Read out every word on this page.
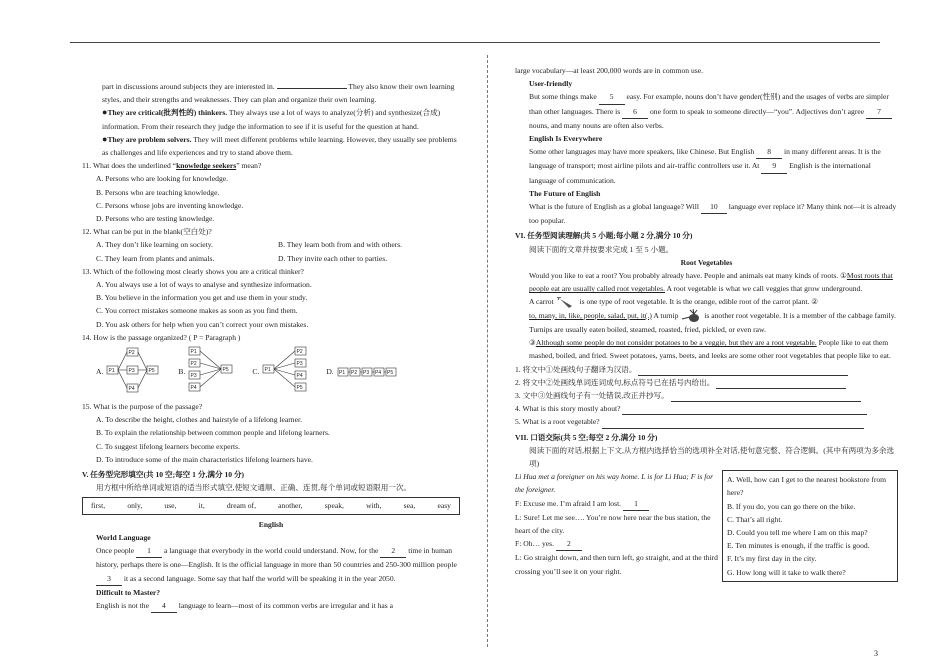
part in discussions around subjects they are interested in.	They also know their own learning styles, and their strengths and weaknesses. They can plan and organize their own learning.

●They are critical(批判性的) thinkers. They always use a lot of ways to analyze(分析) and synthesize(合成) information. From their research they judge the information to see if it is useful for the question at hand.

●They are problem solvers. They will meet different problems while learning. However, they usually see problems as challenges and life experiences and try to stand above them.

11. What does the underlined “knowledge seekers” mean?

A. Persons who are looking for knowledge.

B. Persons who are teaching knowledge.

C. Persons whose jobs are inventing knowledge.

D. Persons who are testing knowledge.

12. What can be put in the blank(空白处)?

A. They don’t like learning on society.	B. They learn both from and with others.

C. They learn from plants and animals.	D. They invite each other to parties.

13. Which of the following most clearly shows you are a critical thinker?

A. You always use a lot of ways to analyse and synthesize information.

B. You believe in the information you get and use them in your study.

C. You correct mistakes someone makes as soon as you find them.

D. You ask others for help when you can’t correct your own mistakes.

14. How is the passage organized? ( P = Paragraph )

A. P1
P2
P3
P4
P5	B.
P1
P2
P3
P4
P5	C. P1
P2
P3
P4
P5
D. P1 P2 P3 P4 P5

15. What is the purpose of the passage?

A. To describe the height, clothes and hairstyle of a lifelong learner.

B. To explain the relationship between common people and lifelong learners.

C. To suggest lifelong learners become experts.

D. To introduce some of the main characteristics lifelong learners have.

V. 任务型完形填空(共 10 空;每空 1 分,满分 10 分)

用方框中所给单词或短语的适当形式填空,使短文通顺、正确、连贯,每个单词或短语限用一次。

first,	only,	use,	it,	dream of,	another,	speak,	with,	sea,	easy

English

World Language

Once people 1 a language that everybody in the world could understand. Now, for the 2 time in human history, perhaps there is one—English. It is the official language in more than 50 countries and 250-300 million people 3 it as a second language. Some say that half the world will be speaking it in the year 2050.

Difficult to Master?

English is not the 4 language to learn—most of its common verbs are irregular and it has a

large vocabulary—at least 200,000 words are in common use.

User-friendly

But some things make 5 easy. For example, nouns don’t have gender(性别) and the usages of verbs are simpler than other languages. There is 6 one form to speak to someone directly—“you”. Adjectives don’t agree 7 nouns, and many nouns are often also verbs.

English Is Everywhere

Some other languages may have more speakers, like Chinese. But English 8 in many different areas. It is the language of transport; most airline pilots and air-traffic controllers use it. At 9 English is the international language of communication.

The Future of English

What is the future of English as a global language? Will 10 language ever replace it? Many think not—it is already too popular.

VI. 任务型阅读理解(共 5 小题;每小题 2 分,满分 10 分)

阅读下面的文章并按要求完成 1 至 5 小题。

Root Vegetables

Would you like to eat a root? You probably already have. People and animals eat many kinds of roots. ①Most roots that people eat are usually called root vegetables. A root vegetable is what we call veggies that grow underground.

A carrot	is one type of root vegetable. It is the orange, edible root of the carrot plant. ②
to, many, in, like, people, salad, put, it(.) A turnip	is another root vegetable. It is a member of the cabbage family. Turnips are usually eaten boiled, steamed, roasted, fried, pickled, or even raw.

③Although some people do not consider potatoes to be a veggie, but they are a root vegetable. People like to eat them mashed, boiled, and fried. Sweet potatoes, yams, beets, and leeks are some other root vegetables that people like to eat.

1. 将文中①处画线句子翻译为汉语。

2. 将文中②处画线单词连词成句,标点符号已在括号内给出。

3. 文中③处画线句子有一处错误,改正并抄写。

4. What is this story mostly about?

5. What is a root vegetable?

VII. 口语交际(共 5 空;每空 2 分,满分 10 分)

阅读下面的对话,根据上下文,从方框内选择恰当的选项补全对话,使句意完整、符合逻辑。(其中有两项为多余选项)

Li Hua met a foreigner on his way home. L is for Li Hua; F is for the foreigner.

F: Excuse me. I’m afraid I am lost. 1

L: Sure! Let me see…. You’re now here near the bus station, the heart of the city.

F: Oh… yes. 2

L: Go straight down, and then turn left, go straight, and at the third crossing you’ll see it on your right.

A. Well, how can I get to the nearest bookstore from here?

B. If you do, you can go there on the bike.

C. That’s all right.

D. Could you tell me where I am on this map?

E. Ten minutes is enough, if the traffic is good.

F. It’s my first day in the city.

G. How long will it take to walk there?

3
